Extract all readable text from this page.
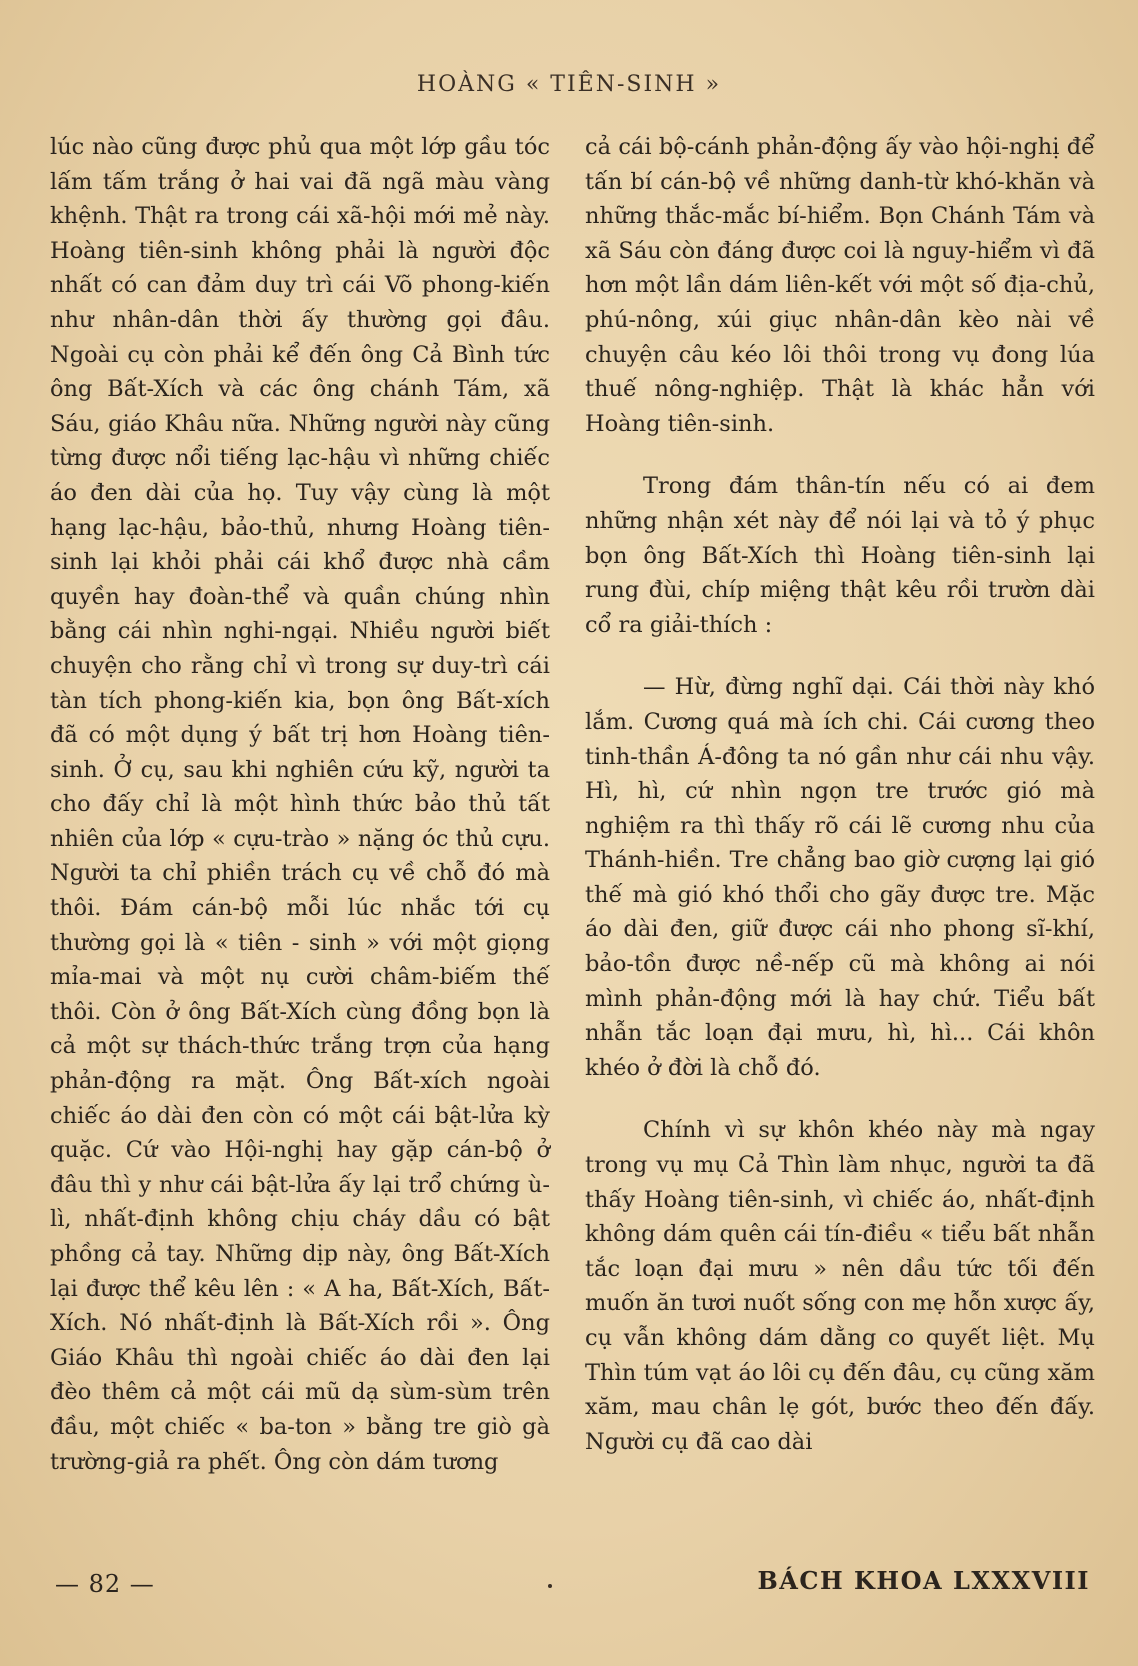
HOÀNG « TIÊN-SINH »

lúc nào cũng được phủ qua một lớp gầu tóc lấm tấm trắng ở hai vai đã ngã màu vàng khệnh. Thật ra trong cái xã-hội mới mẻ này. Hoàng tiên-sinh không phải là người độc nhất có can đảm duy trì cái Võ phong-kiến như nhân-dân thời ấy thường gọi đâu. Ngoài cụ còn phải kể đến ông Cả Bình tức ông Bất-Xích và các ông chánh Tám, xã Sáu, giáo Khâu nữa. Những người này cũng từng được nổi tiếng lạc-hậu vì những chiếc áo đen dài của họ. Tuy vậy cùng là một hạng lạc-hậu, bảo-thủ, nhưng Hoàng tiên-sinh lại khỏi phải cái khổ được nhà cầm quyền hay đoàn-thể và quần chúng nhìn bằng cái nhìn nghi-ngại. Nhiều người biết chuyện cho rằng chỉ vì trong sự duy-trì cái tàn tích phong-kiến kia, bọn ông Bất-xích đã có một dụng ý bất trị hơn Hoàng tiên-sinh. Ở cụ, sau khi nghiên cứu kỹ, người ta cho đấy chỉ là một hình thức bảo thủ tất nhiên của lớp « cựu-trào » nặng óc thủ cựu. Người ta chỉ phiền trách cụ về chỗ đó mà thôi. Đám cán-bộ mỗi lúc nhắc tới cụ thường gọi là « tiên - sinh » với một giọng mỉa-mai và một nụ cười châm-biếm thế thôi. Còn ở ông Bất-Xích cùng đồng bọn là cả một sự thách-thức trắng trợn của hạng phản-động ra mặt. Ông Bất-xích ngoài chiếc áo dài đen còn có một cái bật-lửa kỳ quặc. Cứ vào Hội-nghị hay gặp cán-bộ ở đâu thì y như cái bật-lửa ấy lại trổ chứng ù-lì, nhất-định không chịu cháy dầu có bật phồng cả tay. Những dịp này, ông Bất-Xích lại được thể kêu lên : « A ha, Bất-Xích, Bất-Xích. Nó nhất-định là Bất-Xích rồi ». Ông Giáo Khâu thì ngoài chiếc áo dài đen lại đèo thêm cả một cái mũ dạ sùm-sùm trên đầu, một chiếc « ba-ton » bằng tre giò gà trường-giả ra phết. Ông còn dám tương

cả cái bộ-cánh phản-động ấy vào hội-nghị để tấn bí cán-bộ về những danh-từ khó-khăn và những thắc-mắc bí-hiểm. Bọn Chánh Tám và xã Sáu còn đáng được coi là nguy-hiểm vì đã hơn một lần dám liên-kết với một số địa-chủ, phú-nông, xúi giục nhân-dân kèo nài về chuyện câu kéo lôi thôi trong vụ đong lúa thuế nông-nghiệp. Thật là khác hẳn với Hoàng tiên-sinh.

Trong đám thân-tín nếu có ai đem những nhận xét này để nói lại và tỏ ý phục bọn ông Bất-Xích thì Hoàng tiên-sinh lại rung đùi, chíp miệng thật kêu rồi trườn dài cổ ra giải-thích :

— Hừ, đừng nghĩ dại. Cái thời này khó lắm. Cương quá mà ích chi. Cái cương theo tinh-thần Á-đông ta nó gần như cái nhu vậy. Hì, hì, cứ nhìn ngọn tre trước gió mà nghiệm ra thì thấy rõ cái lẽ cương nhu của Thánh-hiền. Tre chẳng bao giờ cượng lại gió thế mà gió khó thổi cho gãy được tre. Mặc áo dài đen, giữ được cái nho phong sĩ-khí, bảo-tồn được nề-nếp cũ mà không ai nói mình phản-động mới là hay chứ. Tiểu bất nhẫn tắc loạn đại mưu, hì, hì... Cái khôn khéo ở đời là chỗ đó.

Chính vì sự khôn khéo này mà ngay trong vụ mụ Cả Thìn làm nhục, người ta đã thấy Hoàng tiên-sinh, vì chiếc áo, nhất-định không dám quên cái tín-điều « tiểu bất nhẫn tắc loạn đại mưu » nên dầu tức tối đến muốn ăn tươi nuốt sống con mẹ hỗn xược ấy, cụ vẫn không dám dằng co quyết liệt. Mụ Thìn túm vạt áo lôi cụ đến đâu, cụ cũng xăm xăm, mau chân lẹ gót, bước theo đến đấy. Người cụ đã cao dài

— 82 —	BÁCH KHOA LXXXVIII
